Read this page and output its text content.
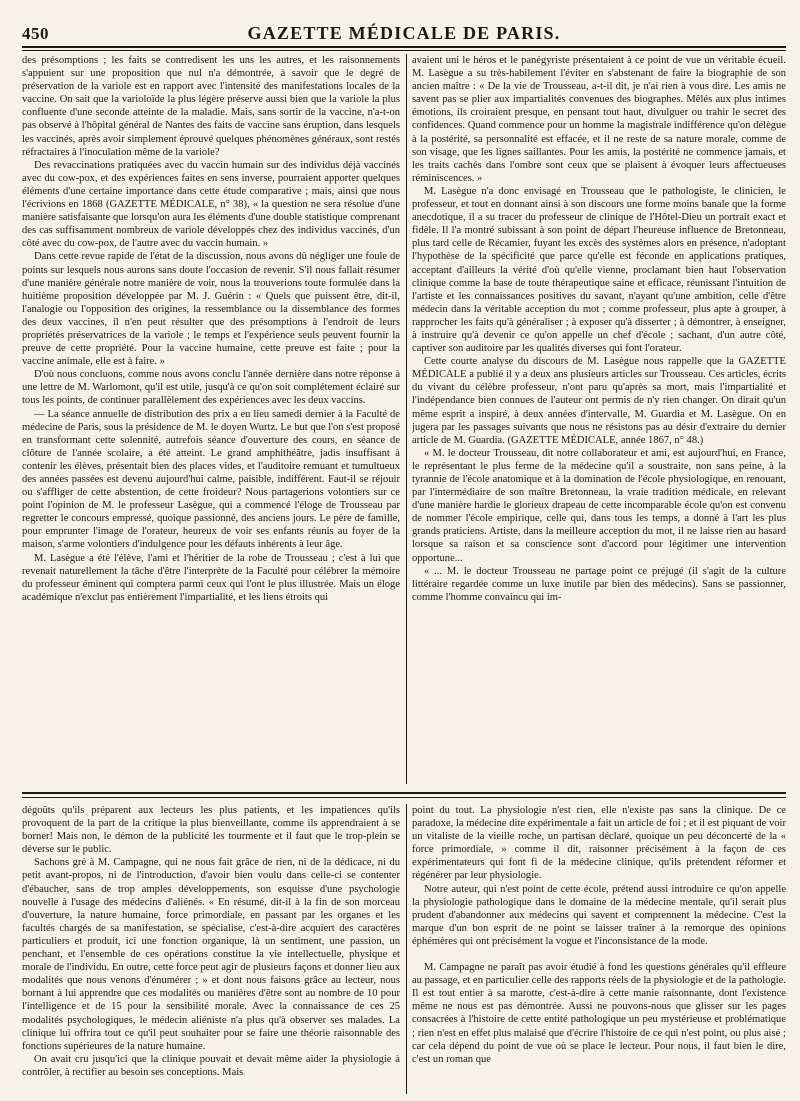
450	GAZETTE MÉDICALE DE PARIS.

des présomptions ; les faits se contredisent les uns les autres, et les raisonnements s'appuient sur une proposition que nul n'a démontrée, à savoir que le degré de préservation de la variole est en rapport avec l'intensité des manifestations locales de la vaccine. On sait que la varioloïde la plus légère préserve aussi bien que la variole la plus confluente d'une seconde atteinte de la maladie. Mais, sans sortir de la vaccine, n'a-t-on pas observé à l'hôpital général de Nantes des faits de vaccine sans éruption, dans lesquels les vaccinés, après avoir simplement éprouvé quelques phénomènes généraux, sont restés réfractaires à l'inoculation même de la variole?

Des revaccinations pratiquées avec du vaccin humain sur des individus déjà vaccinés avec du cow-pox, et des expériences faites en sens inverse, pourraient apporter quelques éléments d'une certaine importance dans cette étude comparative ; mais, ainsi que nous l'écrivions en 1868 (GAZETTE MÉDICALE, n° 38), « la question ne sera résolue d'une manière satisfaisante que lorsqu'on aura les éléments d'une double statistique comprenant des cas suffisamment nombreux de variole développés chez des individus vaccinés, d'un côté avec du cow-pox, de l'autre avec du vaccin humain. »

Dans cette revue rapide de l'état de la discussion, nous avons dû négliger une foule de points sur lesquels nous aurons sans doute l'occasion de revenir. S'il nous fallait résumer d'une manière générale notre manière de voir, nous la trouverions toute formulée dans la huitième proposition développée par M. J. Guérin : « Quels que puissent être, dit-il, l'analogie ou l'opposition des origines, la ressemblance ou la dissemblance des formes des deux vaccines, il n'en peut résulter que des présomptions à l'endroit de leurs propriétés préservatrices de la variole ; le temps et l'expérience seuls peuvent fournir la preuve de cette propriété. Pour la vaccine humaine, cette preuve est faite ; pour la vaccine animale, elle est à faire. »

D'où nous concluons, comme nous avons conclu l'année dernière dans notre réponse à une lettre de M. Warlomont, qu'il est utile, jusqu'à ce qu'on soit complétement éclairé sur tous les points, de continuer parallèlement des expériences avec les deux vaccins.

— La séance annuelle de distribution des prix a eu lieu samedi dernier à la Faculté de médecine de Paris, sous la présidence de M. le doyen Wurtz. Le but que l'on s'est proposé en transformant cette solennité, autrefois séance d'ouverture des cours, en séance de clôture de l'année scolaire, a été atteint. Le grand amphithéâtre, jadis insuffisant à contenir les élèves, présentait bien des places vides, et l'auditoire remuant et tumultueux des années passées est devenu aujourd'hui calme, paisible, indifférent. Faut-il se réjouir ou s'affliger de cette abstention, de cette froideur? Nous partagerions volontiers sur ce point l'opinion de M. le professeur Lasègue, qui a commencé l'éloge de Trousseau par regretter le concours empressé, quoique passionné, des anciens jours. Le père de famille, pour emprunter l'image de l'orateur, heureux de voir ses enfants réunis au foyer de la maison, s'arme volontiers d'indulgence pour les défauts inhérents à leur âge.

M. Lasègue a été l'élève, l'ami et l'héritier de la robe de Trousseau ; c'est à lui que revenait naturellement la tâche d'être l'interprète de la Faculté pour célébrer la mémoire du professeur éminent qui comptera parmi ceux qui l'ont le plus illustrée. Mais un éloge académique n'exclut pas entièrement l'impartialité, et les liens étroits qui

avaient uni le héros et le panégyriste présentaient à ce point de vue un véritable écueil. M. Lasègue a su très-habilement l'éviter en s'abstenant de faire la biographie de son ancien maître : « De la vie de Trousseau, a-t-il dit, je n'ai rien à vous dire. Les amis ne savent pas se plier aux impartialités convenues des biographes. Mêlés aux plus intimes émotions, ils croiraient presque, en pensant tout haut, divulguer ou trahir le secret des confidences. Quand commence pour un homme la magistrale indifférence qu'on délègue à la postérité, sa personnalité est effacée, et il ne reste de sa nature morale, comme de son visage, que les lignes saillantes. Pour les amis, la postérité ne commence jamais, et les traits cachés dans l'ombre sont ceux que se plaisent à évoquer leurs affectueuses réminiscences. »

M. Lasègue n'a donc envisagé en Trousseau que le pathologiste, le clinicien, le professeur, et tout en donnant ainsi à son discours une forme moins banale que la forme anecdotique, il a su tracer du professeur de clinique de l'Hôtel-Dieu un portrait exact et fidèle. Il l'a montré subissant à son point de départ l'heureuse influence de Bretonneau, plus tard celle de Récamier, fuyant les excès des systèmes alors en présence, n'adoptant l'hypothèse de la spécificité que parce qu'elle est féconde en applications pratiques, acceptant d'ailleurs la vérité d'où qu'elle vienne, proclamant bien haut l'observation clinique comme la base de toute thérapeutique saine et efficace, réunissant l'intuition de l'artiste et les connaissances positives du savant, n'ayant qu'une ambition, celle d'être médecin dans la véritable acception du mot ; comme professeur, plus apte à grouper, à rapprocher les faits qu'à généraliser ; à exposer qu'à disserter ; à démontrer, à enseigner, à instruire qu'à devenir ce qu'on appelle un chef d'école ; sachant, d'un autre côté, captiver son auditoire par les qualités diverses qui font l'orateur.

Cette courte analyse du discours de M. Lasègue nous rappelle que la GAZETTE MÉDICALE a publié il y a deux ans plusieurs articles sur Trousseau. Ces articles, écrits du vivant du célèbre professeur, n'ont paru qu'après sa mort, mais l'impartialité et l'indépendance bien connues de l'auteur ont permis de n'y rien changer. On dirait qu'un même esprit a inspiré, à deux années d'intervalle, M. Guardia et M. Lasègue. On en jugera par les passages suivants que nous ne résistons pas au désir d'extraire du dernier article de M. Guardia. (GAZETTE MÉDICALE, année 1867, n° 48.)

« M. le docteur Trousseau, dit notre collaborateur et ami, est aujourd'hui, en France, le représentant le plus ferme de la médecine qu'il a soustraite, non sans peine, à la tyrannie de l'école anatomique et à la domination de l'école physiologique, en renouant, par l'intermédiaire de son maître Bretonneau, la vraie tradition médicale, en relevant d'une manière hardie le glorieux drapeau de cette incomparable école qu'on est convenu de nommer l'école empirique, celle qui, dans tous les temps, a donné à l'art les plus grands praticiens. Artiste, dans la meilleure acception du mot, il ne laisse rien au hasard lorsque sa raison et sa conscience sont d'accord pour légitimer une intervention opportune...

« ... M. le docteur Trousseau ne partage point ce préjugé (il s'agit de la culture littéraire regardée comme un luxe inutile par bien des médecins). Sans se passionner, comme l'homme convaincu qui im-

dégoûts qu'ils préparent aux lecteurs les plus patients, et les impatiences qu'ils provoquent de la part de la critique la plus bienveillante, comme ils apprendraient à se borner! Mais non, le démon de la publicité les tourmente et il faut que le trop-plein se déverse sur le public.

Sachons gré à M. Campagne, qui ne nous fait grâce de rien, ni de la dédicace, ni du petit avant-propos, ni de l'introduction, d'avoir bien voulu dans celle-ci se contenter d'ébaucher, sans de trop amples développements, son esquisse d'une psychologie nouvelle à l'usage des médecins d'aliénés. « En résumé, dit-il à la fin de son morceau d'ouverture, la nature humaine, force primordiale, en passant par les organes et les facultés chargés de sa manifestation, se spécialise, c'est-à-dire acquiert des caractères particuliers et produit, ici une fonction organique, là un sentiment, une passion, un penchant, et l'ensemble de ces opérations constitue la vie intellectuelle, physique et morale de l'individu. En outre, cette force peut agir de plusieurs façons et donner lieu aux modalités que nous venons d'énumérer ; » et dont nous faisons grâce au lecteur, nous bornant à lui apprendre que ces modalités ou manières d'être sont au nombre de 10 pour l'intelligence et de 15 pour la sensibilité morale. Avec la connaissance de ces 25 modalités psychologiques, le médecin aliéniste n'a plus qu'à observer ses malades. La clinique lui offrira tout ce qu'il peut souhaiter pour se faire une théorie raisonnable des fonctions supérieures de la nature humaine.

On avait cru jusqu'ici que la clinique pouvait et devait même aider la physiologie à contrôler, à rectifier au besoin ses conceptions. Mais

point du tout. La physiologie n'est rien, elle n'existe pas sans la clinique. De ce paradoxe, la médecine dite expérimentale a fait un article de foi ; et il est piquant de voir un vitaliste de la vieille roche, un partisan déclaré, quoique un peu déconcerté de la « force primordiale, » comme il dit, raisonner précisément à la façon de ces expérimentateurs qui font fi de la médecine clinique, qu'ils prétendent réformer et régénérer par leur physiologie.

Notre auteur, qui n'est point de cette école, prétend aussi introduire ce qu'on appelle la physiologie pathologique dans le domaine de la médecine mentale, qu'il serait plus prudent d'abandonner aux médecins qui savent et comprennent la médecine. C'est la marque d'un bon esprit de ne point se laisser traîner à la remorque des opinions éphémères qui ont précisément la vogue et l'inconsistance de la mode.

M. Campagne ne paraît pas avoir étudié à fond les questions générales qu'il effleure au passage, et en particulier celle des rapports réels de la physiologie et de la pathologie. Il est tout entier à sa marotte, c'est-à-dire à cette manie raisonnante, dont l'existence même ne nous est pas démontrée. Aussi ne pouvons-nous que glisser sur les pages consacrées à l'histoire de cette entité pathologique un peu mystérieuse et problématique ; rien n'est en effet plus malaisé que d'écrire l'histoire de ce qui n'est point, ou plus aisé ; car cela dépend du point de vue où se place le lecteur. Pour nous, il faut bien le dire, c'est un roman que
